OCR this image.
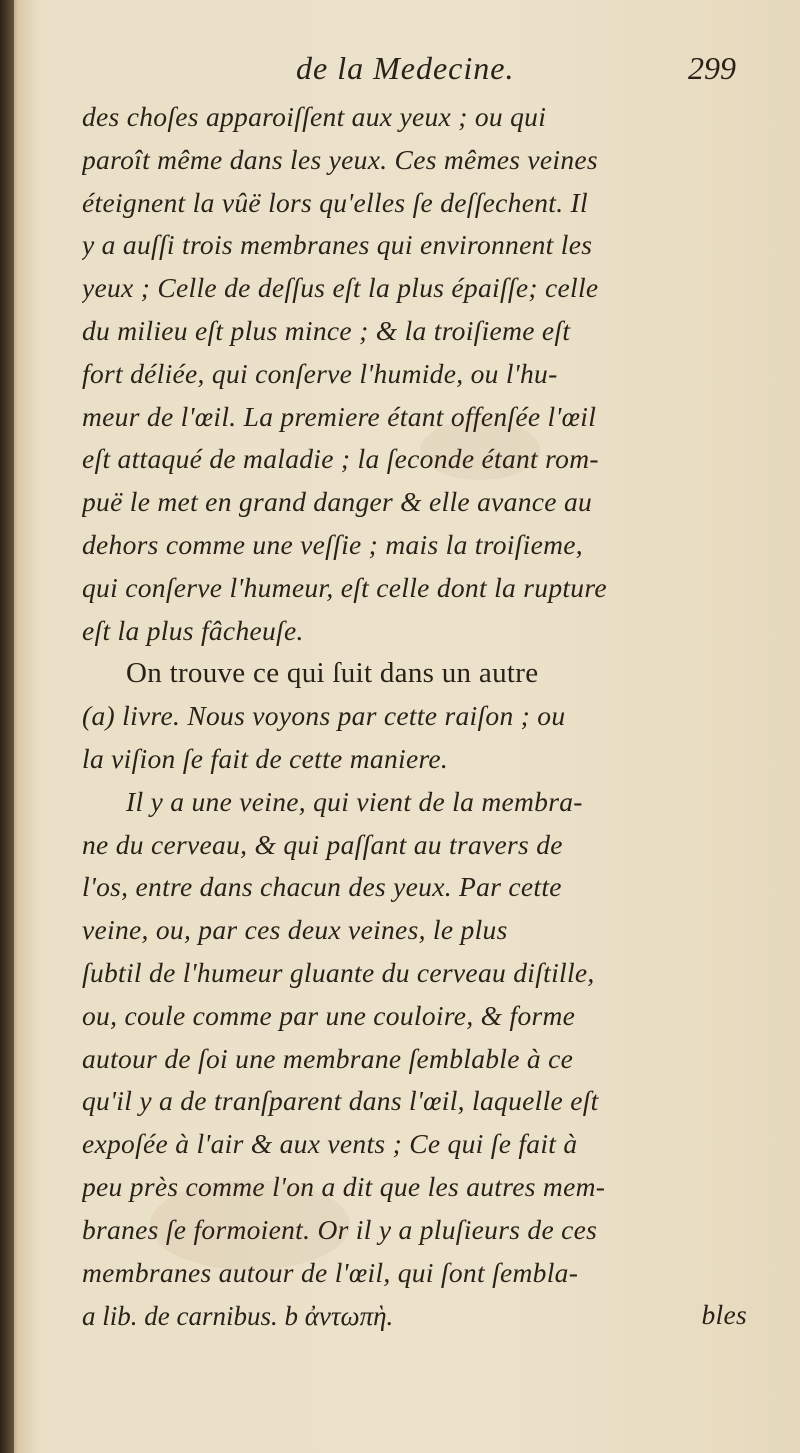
de la Medecine.	299
des choſes apparoiſſent aux yeux ; ou qui
paroît même dans les yeux. Ces mêmes veines
éteignent la vûë lors qu'elles ſe deſſechent. Il
y a auſſi trois membranes qui environnent les
yeux ; Celle de deſſus eſt la plus épaiſſe; celle
du milieu eſt plus mince ; & la troiſieme eſt
fort déliée, qui conſerve l'humide, ou l'hu-
meur de l'œil. La premiere étant offenſée l'œil
eſt attaqué de maladie ; la ſeconde étant rom-
puë le met en grand danger & elle avance au
dehors comme une veſſie ; mais la troiſieme,
qui conſerve l'humeur, eſt celle dont la rupture
eſt la plus fâcheuſe.
On trouve ce qui ſuit dans un autre
(a) livre. Nous voyons par cette raiſon ; ou
la viſion ſe fait de cette maniere.
Il y a une veine, qui vient de la membra-
ne du cerveau, & qui paſſant au travers de
l'os, entre dans chacun des yeux. Par cette
veine, ou, par ces deux veines, le plus
ſubtil de l'humeur gluante du cerveau diſtille,
ou, coule comme par une couloire, & forme
autour de ſoi une membrane ſemblable à ce
qu'il y a de tranſparent dans l'œil, laquelle eſt
expoſée à l'air & aux vents ; Ce qui ſe fait à
peu près comme l'on a dit que les autres mem-
branes ſe formoient. Or il y a pluſieurs de ces
membranes autour de l'œil, qui ſont ſembla-
bles
a lib. de carnibus. b ἀντωπὴ.
